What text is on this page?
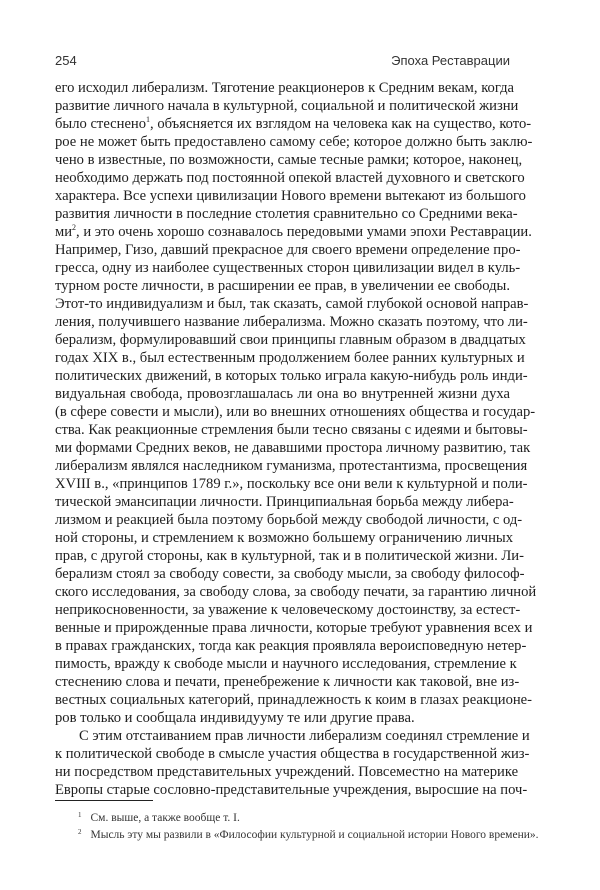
254	Эпоха Реставрации
его исходил либерализм. Тяготение реакционеров к Средним векам, когда
развитие личного начала в культурной, социальной и политической жизни
было стеснено$^1$, объясняется их взглядом на человека как на существо, кото-
рое не может быть предоставлено самому себе; которое должно быть заклю-
чено в известные, по возможности, самые тесные рамки; которое, наконец,
необходимо держать под постоянной опекой властей духовного и светского
характера. Все успехи цивилизации Нового времени вытекают из большого
развития личности в последние столетия сравнительно со Средними века-
$ми^2$, и это очень хорошо сознавалось передовыми умами эпохи Реставрации.
Например, Гизо, давший прекрасное для своего времени определение про-
гресса, одну из наиболее существенных сторон цивилизации видел в куль-
турном росте личности, в расширении ее прав, в увеличении ее свободы.
Этот-то индивидуализм и был, так сказать, самой глубокой основой направ-
ления, получившего название либерализма. Можно сказать поэтому, что ли-
берализм, формулировавший свои принципы главным образом в двадцатых
годах XIX в., был естественным продолжением более ранних культурных и
политических движений, в которых только играла какую-нибудь роль инди-
видуальная свобода, провозглашалась ли она во внутренней жизни духа
(в сфере совести и мысли), или во внешних отношениях общества и государ-
ства. Как реакционные стремления были тесно связаны с идеями и бытовы-
ми формами Средних веков, не дававшими простора личному развитию, так
либерализм являлся наследником гуманизма, протестантизма, просвещения
XVIII в., «принципов 1789 г.», поскольку все они вели к культурной и поли-
тической эмансипации личности. Принципиальная борьба между либера-
лизмом и реакцией была поэтому борьбой между свободой личности, с од-
ной стороны, и стремлением к возможно большему ограничению личных
прав, с другой стороны, как в культурной, так и в политической жизни. Ли-
берализм стоял за свободу совести, за свободу мысли, за свободу философ-
ского исследования, за свободу слова, за свободу печати, за гарантию личной
неприкосновенности, за уважение к человеческому достоинству, за естест-
венные и прирожденные права личности, которые требуют уравнения всех и
в правах гражданских, тогда как реакция проявляла вероисповедную нетер-
пимость, вражду к свободе мысли и научного исследования, стремление к
стеснению слова и печати, пренебрежение к личности как таковой, вне из-
вестных социальных категорий, принадлежность к коим в глазах реакционе-
ров только и сообщала индивидууму те или другие права.
С этим отстаиванием прав личности либерализм соединял стремление и
к политической свободе в смысле участия общества в государственной жиз-
ни посредством представительных учреждений. Повсеместно на материке
Европы старые сословно-представительные учреждения, выросшие на поч-
$^1$ См. выше, а также вообще т. I.
$^2$ Мысль эту мы развили в «Философии культурной и социальной истории Нового времени».
